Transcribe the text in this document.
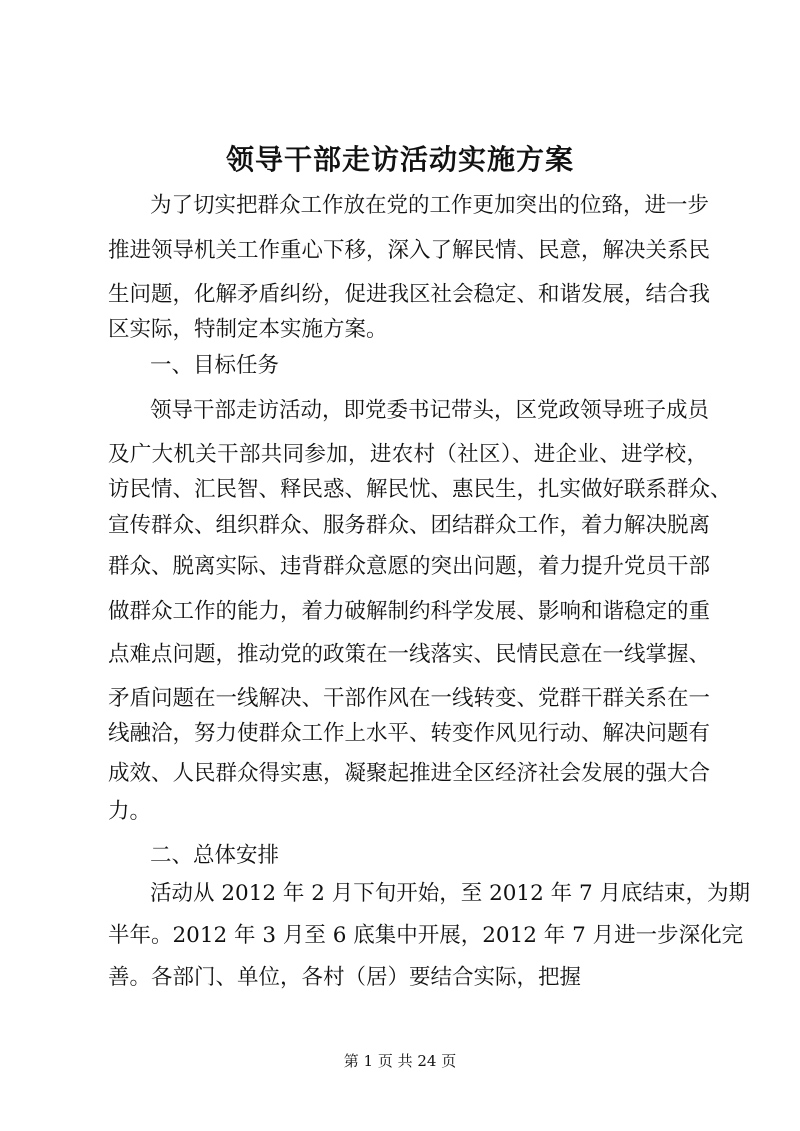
领导干部走访活动实施方案
为了切实把群众工作放在党的工作更加突出的位臵，进一步
推进领导机关工作重心下移，深入了解民情、民意，解决关系民
生问题，化解矛盾纠纷，促进我区社会稳定、和谐发展，结合我
区实际，特制定本实施方案。
一、目标任务
领导干部走访活动，即党委书记带头，区党政领导班子成员
及广大机关干部共同参加，进农村（社区）、进企业、进学校，
访民情、汇民智、释民惑、解民忧、惠民生，扎实做好联系群众、
宣传群众、组织群众、服务群众、团结群众工作，着力解决脱离
群众、脱离实际、违背群众意愿的突出问题，着力提升党员干部
做群众工作的能力，着力破解制约科学发展、影响和谐稳定的重
点难点问题，推动党的政策在一线落实、民情民意在一线掌握、
矛盾问题在一线解决、干部作风在一线转变、党群干群关系在一
线融洽，努力使群众工作上水平、转变作风见行动、解决问题有
成效、人民群众得实惠，凝聚起推进全区经济社会发展的强大合
力。
二、总体安排
活动从 2012 年 2 月下旬开始，至 2012 年 7 月底结束，为期
半年。2012 年 3 月至 6 底集中开展，2012 年 7 月进一步深化完
善。各部门、单位，各村（居）要结合实际，把握
第 1 页 共 24 页
